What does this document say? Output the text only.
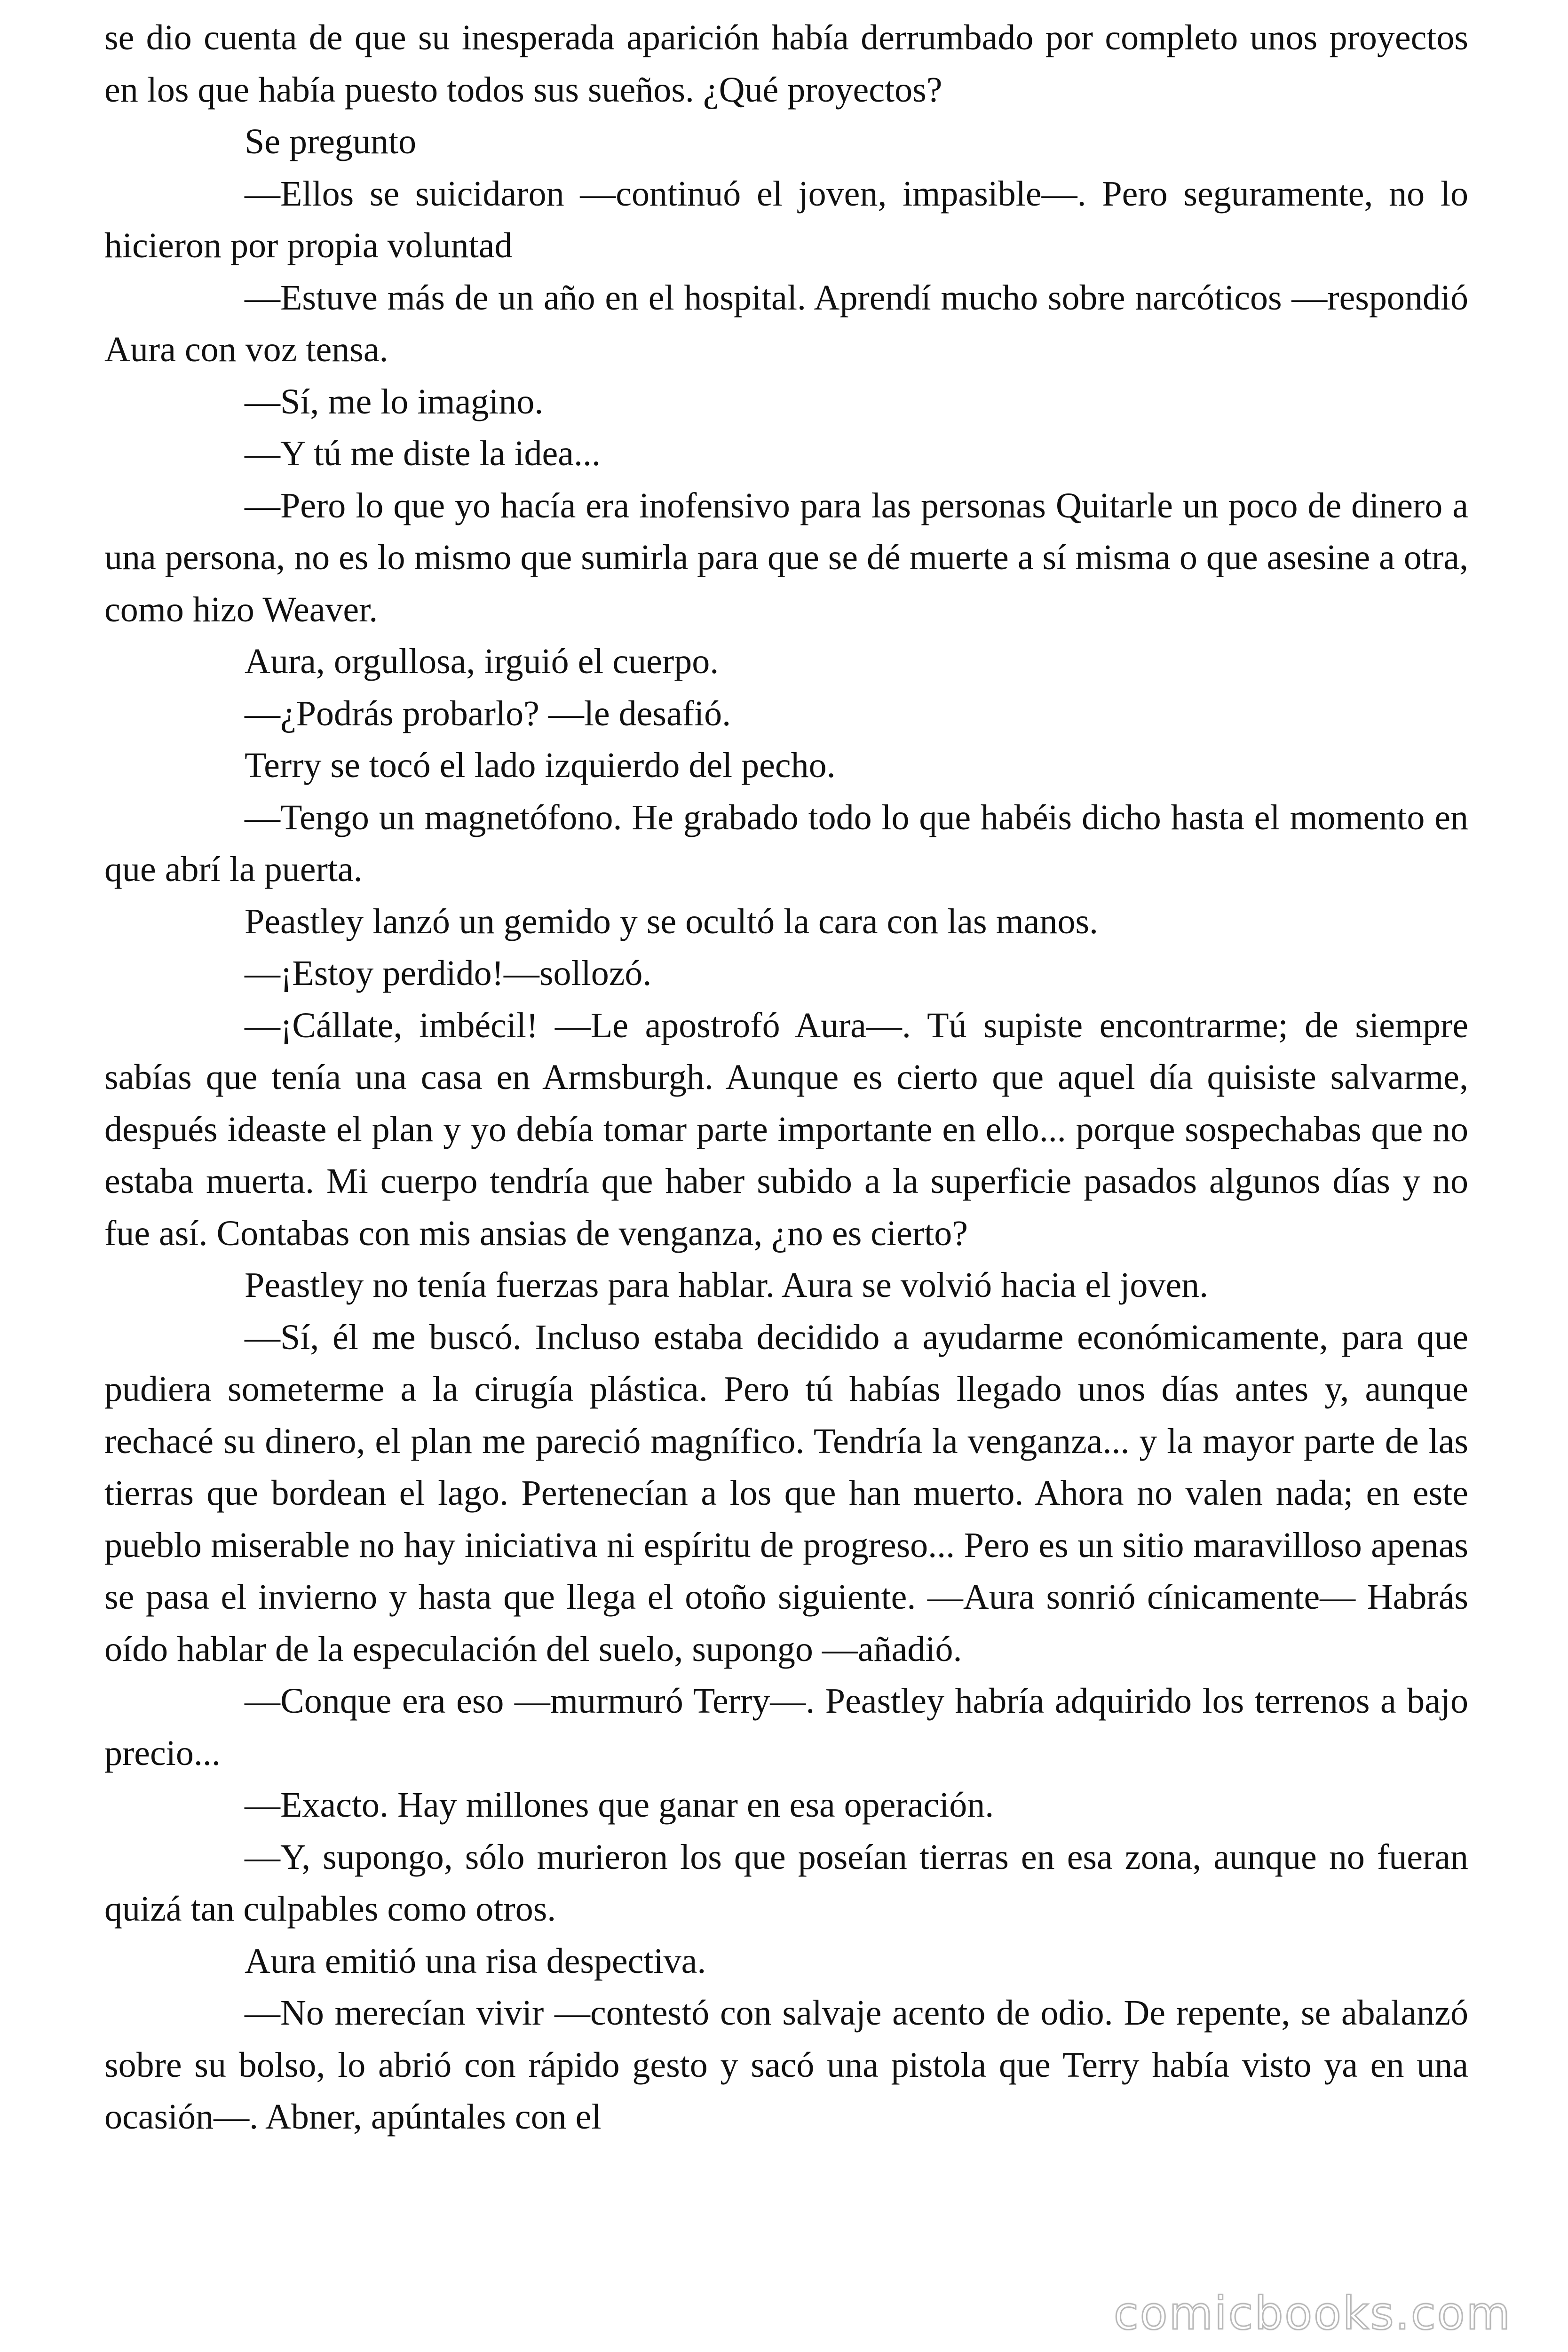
se dio cuenta de que su inesperada aparición había derrumbado por completo unos proyectos en los que había puesto todos sus sueños. ¿Qué proyectos?

Se pregunto

—Ellos se suicidaron —continuó el joven, impasible—. Pero seguramente, no lo hicieron por propia voluntad

—Estuve más de un año en el hospital. Aprendí mucho sobre narcóticos —respondió Aura con voz tensa.

—Sí, me lo imagino.

—Y tú me diste la idea...

—Pero lo que yo hacía era inofensivo para las personas Quitarle un poco de dinero a una persona, no es lo mismo que sumirla para que se dé muerte a sí misma o que asesine a otra, como hizo Weaver.

Aura, orgullosa, irguió el cuerpo.

—¿Podrás probarlo? —le desafió.

Terry se tocó el lado izquierdo del pecho.

—Tengo un magnetófono. He grabado todo lo que habéis dicho hasta el momento en que abrí la puerta.

Peastley lanzó un gemido y se ocultó la cara con las manos.

—¡Estoy perdido!—sollozó.

—¡Cállate, imbécil! —Le apostrofó Aura—. Tú supiste encontrarme; de siempre sabías que tenía una casa en Armsburgh. Aunque es cierto que aquel día quisiste salvarme, después ideaste el plan y yo debía tomar parte importante en ello... porque sospechabas que no estaba muerta. Mi cuerpo tendría que haber subido a la superficie pasados algunos días y no fue así. Contabas con mis ansias de venganza, ¿no es cierto?

Peastley no tenía fuerzas para hablar. Aura se volvió hacia el joven.

—Sí, él me buscó. Incluso estaba decidido a ayudarme económicamente, para que pudiera someterme a la cirugía plástica. Pero tú habías llegado unos días antes y, aunque rechacé su dinero, el plan me pareció magnífico. Tendría la venganza... y la mayor parte de las tierras que bordean el lago. Pertenecían a los que han muerto. Ahora no valen nada; en este pueblo miserable no hay iniciativa ni espíritu de progreso... Pero es un sitio maravilloso apenas se pasa el invierno y hasta que llega el otoño siguiente. —Aura sonrió cínicamente— Habrás oído hablar de la especulación del suelo, supongo —añadió.

—Conque era eso —murmuró Terry—. Peastley habría adquirido los terrenos a bajo precio...

—Exacto. Hay millones que ganar en esa operación.

—Y, supongo, sólo murieron los que poseían tierras en esa zona, aunque no fueran quizá tan culpables como otros.

Aura emitió una risa despectiva.

—No merecían vivir —contestó con salvaje acento de odio. De repente, se abalanzó sobre su bolso, lo abrió con rápido gesto y sacó una pistola que Terry había visto ya en una ocasión—. Abner, apúntales con el

comicbooks.com
